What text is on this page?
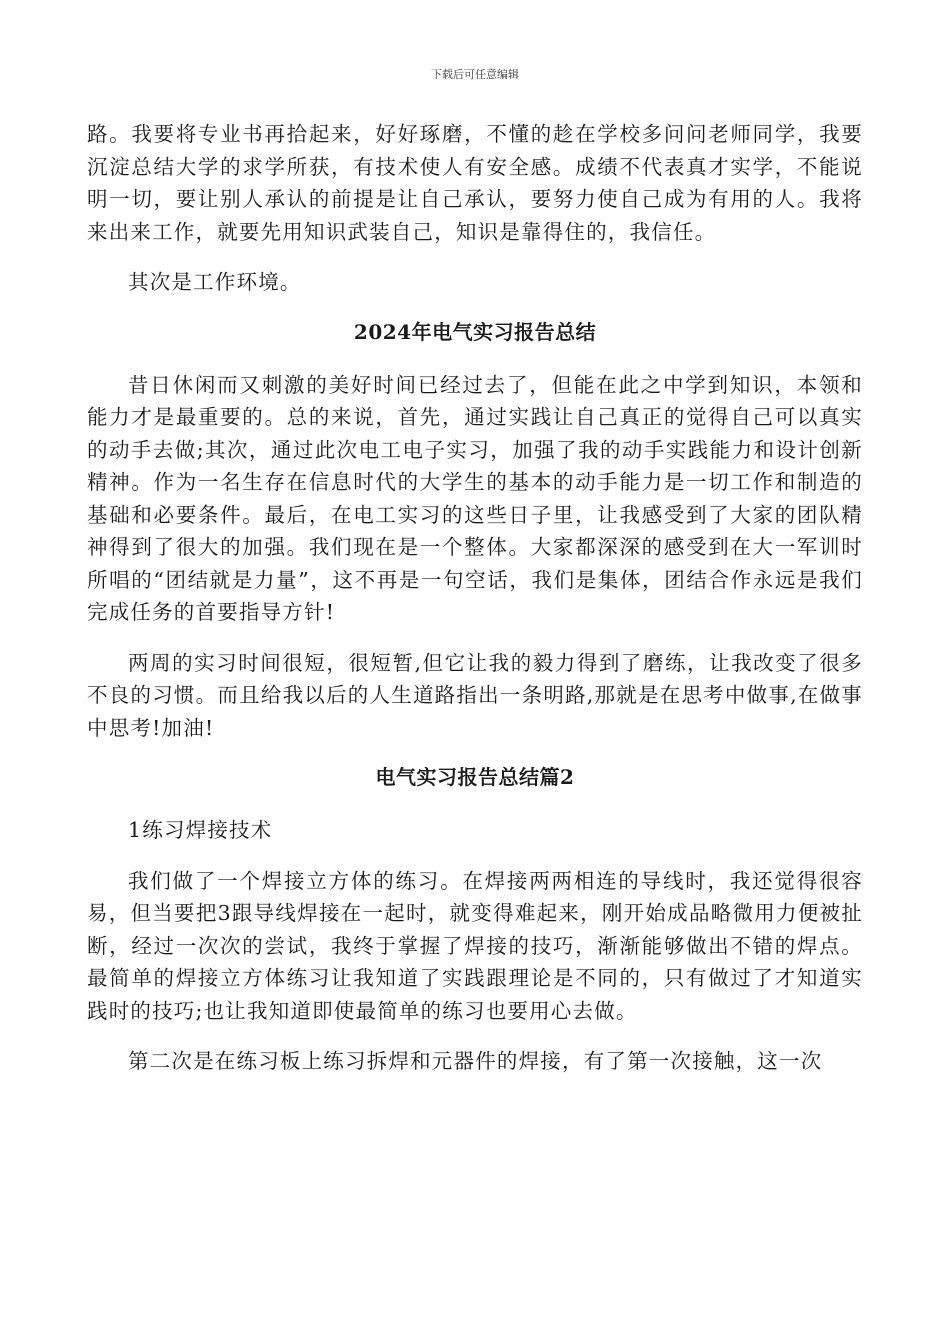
下载后可任意编辑

路。我要将专业书再拾起来，好好琢磨，不懂的趁在学校多问问老师同学，我要沉淀总结大学的求学所获，有技术使人有安全感。成绩不代表真才实学，不能说明一切，要让别人承认的前提是让自己承认，要努力使自己成为有用的人。我将来出来工作，就要先用知识武装自己，知识是靠得住的，我信任。

其次是工作环境。

2024年电气实习报告总结

昔日休闲而又刺激的美好时间已经过去了，但能在此之中学到知识，本领和能力才是最重要的。总的来说，首先，通过实践让自己真正的觉得自己可以真实的动手去做;其次，通过此次电工电子实习，加强了我的动手实践能力和设计创新精神。作为一名生存在信息时代的大学生的基本的动手能力是一切工作和制造的基础和必要条件。最后，在电工实习的这些日子里，让我感受到了大家的团队精神得到了很大的加强。我们现在是一个整体。大家都深深的感受到在大一军训时所唱的“团结就是力量”，这不再是一句空话，我们是集体，团结合作永远是我们完成任务的首要指导方针!

两周的实习时间很短，很短暂,但它让我的毅力得到了磨练，让我改变了很多不良的习惯。而且给我以后的人生道路指出一条明路,那就是在思考中做事,在做事中思考!加油!

电气实习报告总结篇2

1练习焊接技术

我们做了一个焊接立方体的练习。在焊接两两相连的导线时，我还觉得很容易，但当要把3跟导线焊接在一起时，就变得难起来，刚开始成品略微用力便被扯断，经过一次次的尝试，我终于掌握了焊接的技巧，渐渐能够做出不错的焊点。最简单的焊接立方体练习让我知道了实践跟理论是不同的，只有做过了才知道实践时的技巧;也让我知道即使最简单的练习也要用心去做。

第二次是在练习板上练习拆焊和元器件的焊接，有了第一次接触，这一次
